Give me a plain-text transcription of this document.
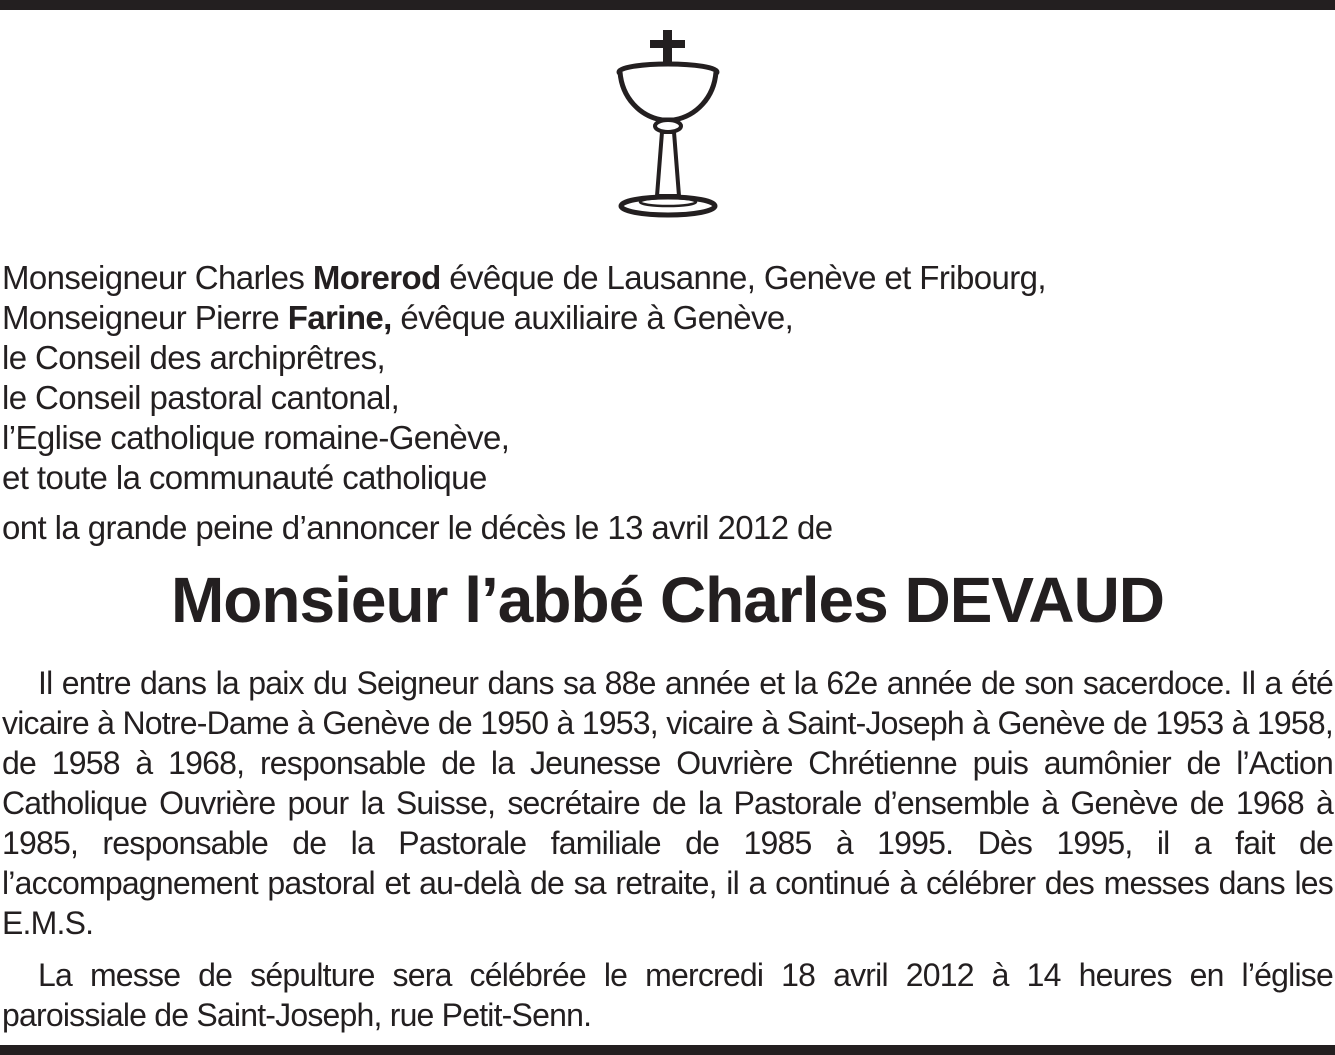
Monseigneur Charles Morerod évêque de Lausanne, Genève et Fribourg,
Monseigneur Pierre Farine, évêque auxiliaire à Genève,
le Conseil des archiprêtres,
le Conseil pastoral cantonal,
l’Eglise catholique romaine-Genève,
et toute la communauté catholique
ont la grande peine d’annoncer le décès le 13 avril 2012 de
Monsieur l’abbé Charles DEVAUD

Il entre dans la paix du Seigneur dans sa 88e année et la 62e année de son sacerdoce. Il a été vicaire à Notre-Dame à Genève de 1950 à 1953, vicaire à Saint-Joseph à Genève de 1953 à 1958, de 1958 à 1968, responsable de la Jeunesse Ouvrière Chrétienne puis aumônier de l’Action Catholique Ouvrière pour la Suisse, secrétaire de la Pastorale d’ensemble à Genève de 1968 à 1985, responsable de la Pastorale familiale de 1985 à 1995. Dès 1995, il a fait de l’accompagnement pastoral et au-delà de sa retraite, il a continué à célébrer des messes dans les E.M.S.

La messe de sépulture sera célébrée le mercredi 18 avril 2012 à 14 heures en l’église paroissiale de Saint-Joseph, rue Petit-Senn.
